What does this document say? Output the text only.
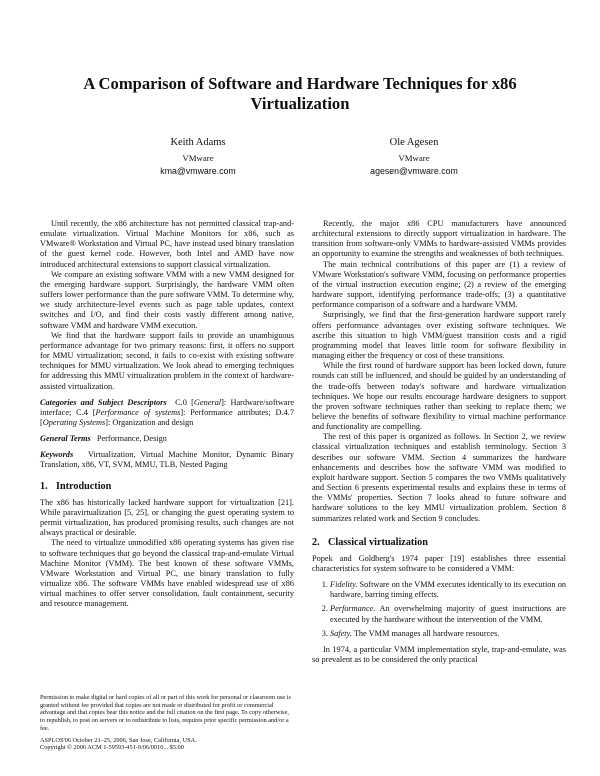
A Comparison of Software and Hardware Techniques for x86 Virtualization
Keith Adams
VMware
kma@vmware.com
Ole Agesen
VMware
agesen@vmware.com

Until recently, the x86 architecture has not permitted classical trap-and-emulate virtualization. Virtual Machine Monitors for x86, such as VMware® Workstation and Virtual PC, have instead used binary translation of the guest kernel code. However, both Intel and AMD have now introduced architectural extensions to support classical virtualization.

We compare an existing software VMM with a new VMM designed for the emerging hardware support. Surprisingly, the hardware VMM often suffers lower performance than the pure software VMM. To determine why, we study architecture-level events such as page table updates, context switches and I/O, and find their costs vastly different among native, software VMM and hardware VMM execution.

We find that the hardware support fails to provide an unambiguous performance advantage for two primary reasons: first, it offers no support for MMU virtualization; second, it fails to co-exist with existing software techniques for MMU virtualization. We look ahead to emerging techniques for addressing this MMU virtualization problem in the context of hardware-assisted virtualization.

Categories and Subject Descriptors C.0 [General]: Hardware/software interface; C.4 [Performance of systems]: Performance attributes; D.4.7 [Operating Systems]: Organization and design

General Terms Performance, Design

Keywords Virtualization, Virtual Machine Monitor, Dynamic Binary Translation, x86, VT, SVM, MMU, TLB, Nested Paging

1. Introduction

The x86 has historically lacked hardware support for virtualization [21]. While paravirtualization [5, 25], or changing the guest operating system to permit virtualization, has produced promising results, such changes are not always practical or desirable.

The need to virtualize unmodified x86 operating systems has given rise to software techniques that go beyond the classical trap-and-emulate Virtual Machine Monitor (VMM). The best known of these software VMMs, VMware Workstation and Virtual PC, use binary translation to fully virtualize x86. The software VMMs have enabled widespread use of x86 virtual machines to offer server consolidation, fault containment, security and resource management.

Permission to make digital or hard copies of all or part of this work for personal or classroom use is granted without fee provided that copies are not made or distributed for profit or commercial advantage and that copies bear this notice and the full citation on the first page. To copy otherwise, to republish, to post on servers or to redistribute to lists, requires prior specific permission and/or a fee.

ASPLOS'06 October 21–25, 2006, San Jose, California, USA.

Copyright © 2006 ACM 1-59593-451-0/06/0010... $5.00

Recently, the major x86 CPU manufacturers have announced architectural extensions to directly support virtualization in hardware. The transition from software-only VMMs to hardware-assisted VMMs provides an opportunity to examine the strengths and weaknesses of both techniques.

The main technical contributions of this paper are (1) a review of VMware Workstation's software VMM, focusing on performance properties of the virtual instruction execution engine; (2) a review of the emerging hardware support, identifying performance trade-offs; (3) a quantitative performance comparison of a software and a hardware VMM.

Surprisingly, we find that the first-generation hardware support rarely offers performance advantages over existing software techniques. We ascribe this situation to high VMM/guest transition costs and a rigid programming model that leaves little room for software flexibility in managing either the frequency or cost of these transitions.

While the first round of hardware support has been locked down, future rounds can still be influenced, and should be guided by an understanding of the trade-offs between today's software and hardware virtualization techniques. We hope our results encourage hardware designers to support the proven software techniques rather than seeking to replace them; we believe the benefits of software flexibility to virtual machine performance and functionality are compelling.

The rest of this paper is organized as follows. In Section 2, we review classical virtualization techniques and establish terminology. Section 3 describes our software VMM. Section 4 summarizes the hardware enhancements and describes how the software VMM was modified to exploit hardware support. Section 5 compares the two VMMs qualitatively and Section 6 presents experimental results and explains these in terms of the VMMs' properties. Section 7 looks ahead to future software and hardware solutions to the key MMU virtualization problem. Section 8 summarizes related work and Section 9 concludes.

2. Classical virtualization

Popek and Goldberg's 1974 paper [19] establishes three essential characteristics for system software to be considered a VMM:

1. Fidelity. Software on the VMM executes identically to its execution on hardware, barring timing effects.
2. Performance. An overwhelming majority of guest instructions are executed by the hardware without the intervention of the VMM.
3. Safety. The VMM manages all hardware resources.

In 1974, a particular VMM implementation style, trap-and-emulate, was so prevalent as to be considered the only practical
